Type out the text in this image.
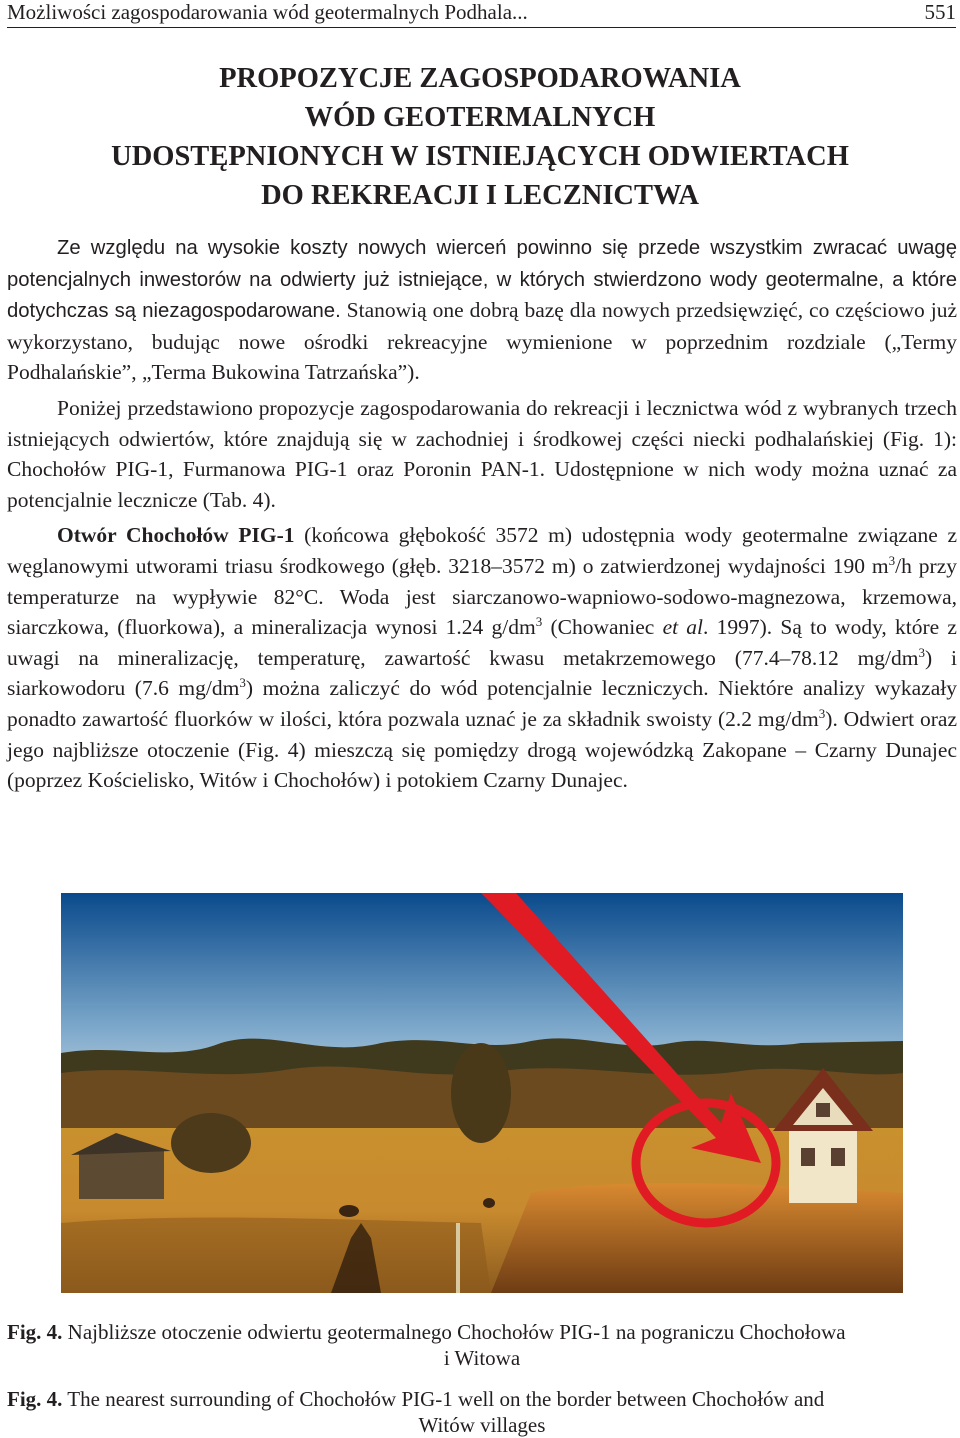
Możliwości zagospodarowania wód geotermalnych Podhala...	551
PROPOZYCJE ZAGOSPODAROWANIA
WÓD GEOTERMALNYCH
UDOSTĘPNIONYCH W ISTNIEJĄCYCH ODWIERTACH
DO REKREACJI I LECZNICTWA

Ze względu na wysokie koszty nowych wierceń powinno się przede wszystkim zwracać uwagę potencjalnych inwestorów na odwierty już istniejące, w których stwierdzono wody geotermalne, a które dotychczas są niezagospodarowane. Stanowią one dobrą bazę dla nowych przedsięwzięć, co częściowo już wykorzystano, budując nowe ośrodki rekreacyjne wymienione w poprzednim rozdziale („Termy Podhalańskie”, „Terma Bukowina Tatrzańska”).

Poniżej przedstawiono propozycje zagospodarowania do rekreacji i lecznictwa wód z wybranych trzech istniejących odwiertów, które znajdują się w zachodniej i środkowej części niecki podhalańskiej (Fig. 1): Chochołów PIG-1, Furmanowa PIG-1 oraz Poronin PAN-1. Udostępnione w nich wody można uznać za potencjalnie lecznicze (Tab. 4).

Otwór Chochołów PIG-1 (końcowa głębokość 3572 m) udostępnia wody geotermalne związane z węglanowymi utworami triasu środkowego (głęb. 3218–3572 m) o zatwierdzonej wydajności 190 $m^3/h$ przy temperaturze na wypływie 82°C. Woda jest siarczanowo-wapniowo-sodowo-magnezowa, krzemowa, siarczkowa, (fluorkowa), a mineralizacja wynosi 1.24 $g/dm^3$ (Chowaniec et al. 1997). Są to wody, które z uwagi na mineralizację, temperaturę, zawartość kwasu metakrzemowego (77.4–78.12 $mg/dm^3$) i siarkowodoru (7.6 $mg/dm^3$) można zaliczyć do wód potencjalnie leczniczych. Niektóre analizy wykazały ponadto zawartość fluorków w ilości, która pozwala uznać je za składnik swoisty (2.2 $mg/dm^3$). Odwiert oraz jego najbliższe otoczenie (Fig. 4) mieszczą się pomiędzy drogą wojewódzką Zakopane – Czarny Dunajec (poprzez Kościelisko, Witów i Chochołów) i potokiem Czarny Dunajec.

Fig. 4. Najbliższe otoczenie odwiertu geotermalnego Chochołów PIG-1 na pograniczu Chochołowa
i Witowa
Fig. 4. The nearest surrounding of Chochołów PIG-1 well on the border between Chochołów and
Witów villages
